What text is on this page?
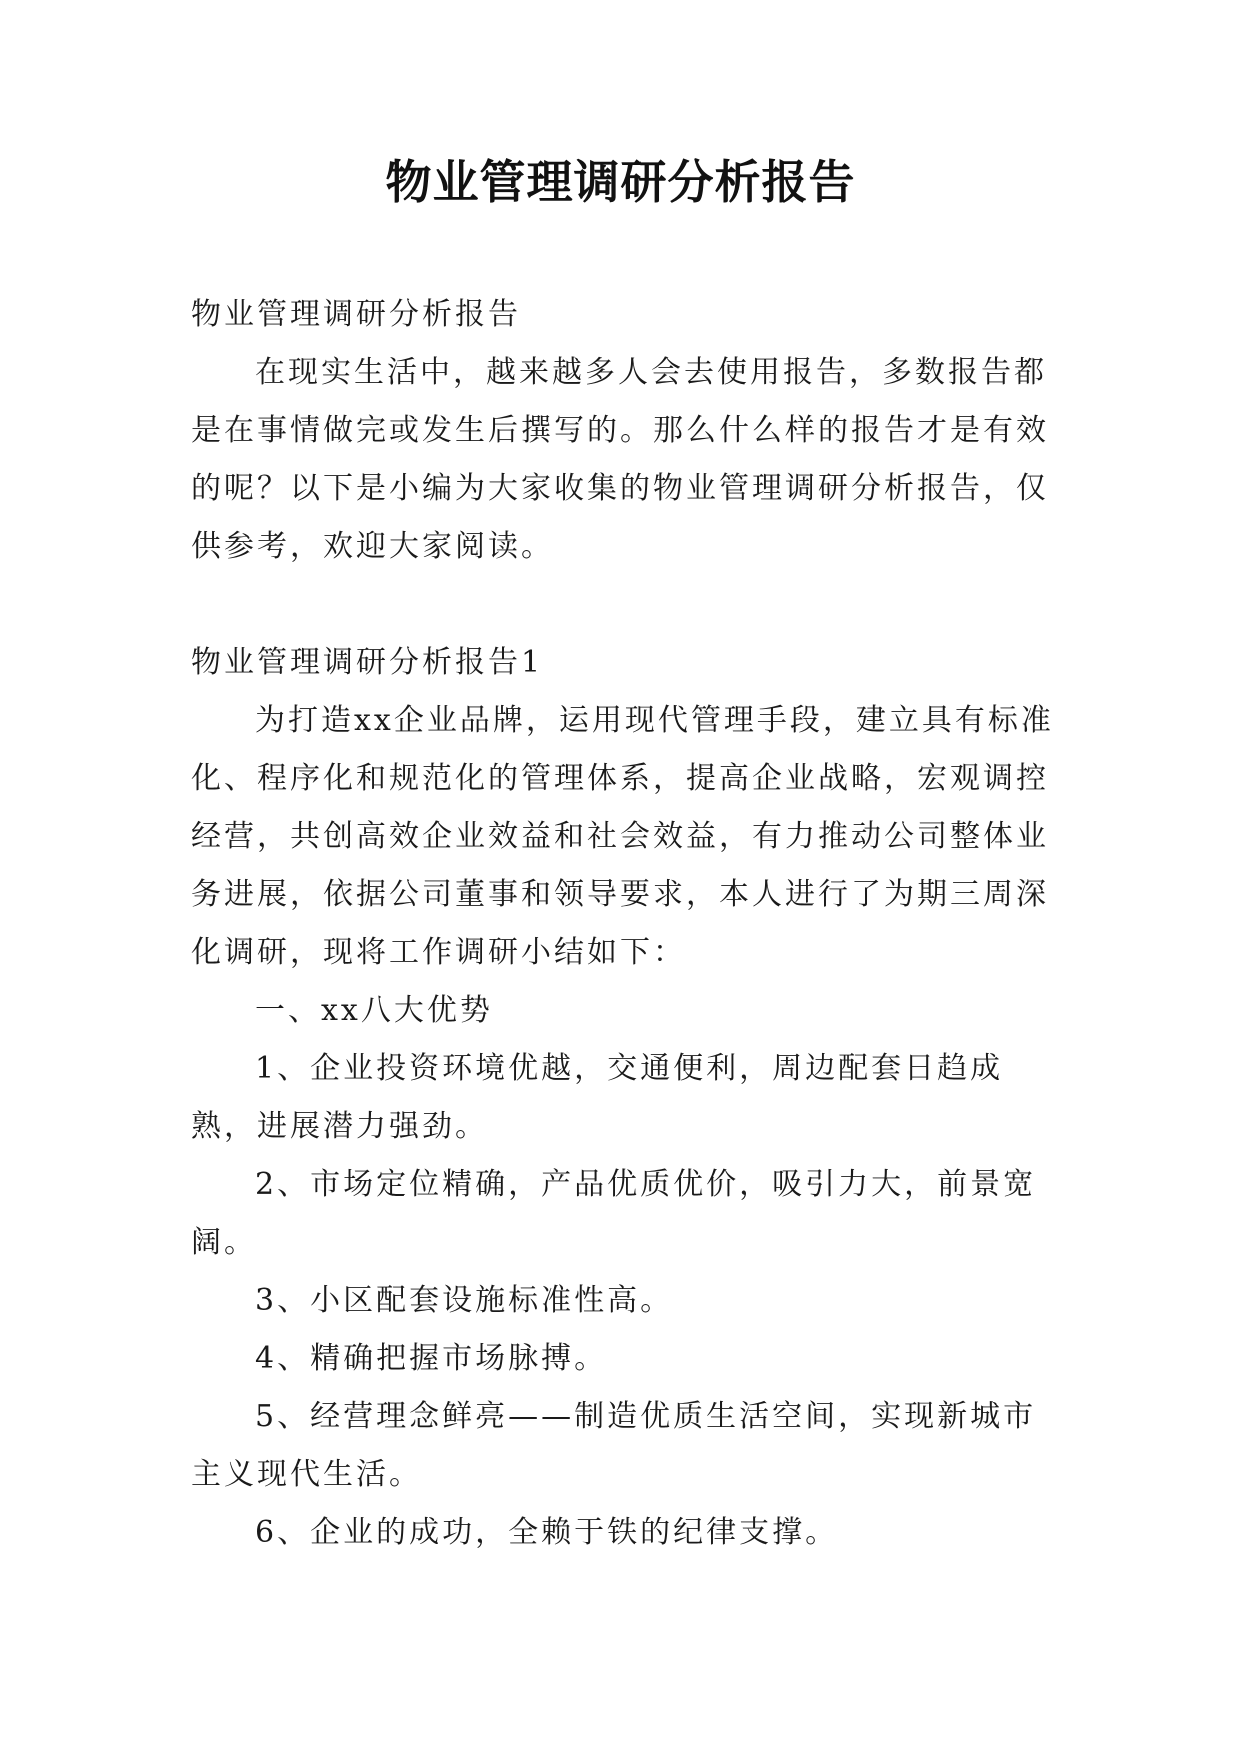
物业管理调研分析报告

物业管理调研分析报告

在现实生活中，越来越多人会去使用报告，多数报告都是在事情做完或发生后撰写的。那么什么样的报告才是有效的呢？以下是小编为大家收集的物业管理调研分析报告，仅供参考，欢迎大家阅读。

物业管理调研分析报告1

为打造xx企业品牌，运用现代管理手段，建立具有标准化、程序化和规范化的管理体系，提高企业战略，宏观调控经营，共创高效企业效益和社会效益，有力推动公司整体业务进展，依据公司董事和领导要求，本人进行了为期三周深化调研，现将工作调研小结如下：

一、xx八大优势

1、企业投资环境优越，交通便利，周边配套日趋成熟，进展潜力强劲。

2、市场定位精确，产品优质优价，吸引力大，前景宽阔。

3、小区配套设施标准性高。

4、精确把握市场脉搏。

5、经营理念鲜亮——制造优质生活空间，实现新城市主义现代生活。

6、企业的成功，全赖于铁的纪律支撑。
